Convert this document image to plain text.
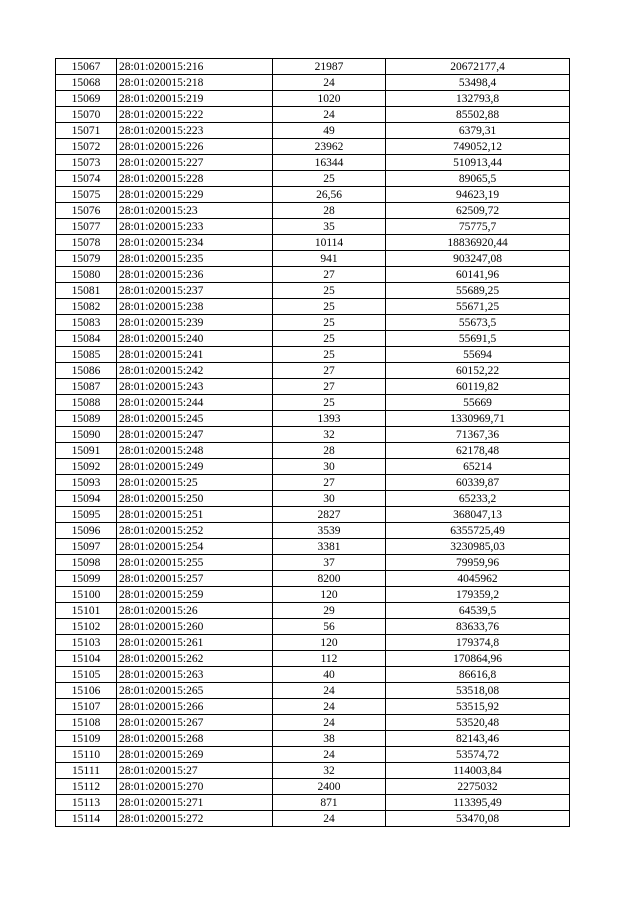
15067	28:01:020015:216	21987	20672177,4
15068	28:01:020015:218	24	53498,4
15069	28:01:020015:219	1020	132793,8
15070	28:01:020015:222	24	85502,88
15071	28:01:020015:223	49	6379,31
15072	28:01:020015:226	23962	749052,12
15073	28:01:020015:227	16344	510913,44
15074	28:01:020015:228	25	89065,5
15075	28:01:020015:229	26,56	94623,19
15076	28:01:020015:23	28	62509,72
15077	28:01:020015:233	35	75775,7
15078	28:01:020015:234	10114	18836920,44
15079	28:01:020015:235	941	903247,08
15080	28:01:020015:236	27	60141,96
15081	28:01:020015:237	25	55689,25
15082	28:01:020015:238	25	55671,25
15083	28:01:020015:239	25	55673,5
15084	28:01:020015:240	25	55691,5
15085	28:01:020015:241	25	55694
15086	28:01:020015:242	27	60152,22
15087	28:01:020015:243	27	60119,82
15088	28:01:020015:244	25	55669
15089	28:01:020015:245	1393	1330969,71
15090	28:01:020015:247	32	71367,36
15091	28:01:020015:248	28	62178,48
15092	28:01:020015:249	30	65214
15093	28:01:020015:25	27	60339,87
15094	28:01:020015:250	30	65233,2
15095	28:01:020015:251	2827	368047,13
15096	28:01:020015:252	3539	6355725,49
15097	28:01:020015:254	3381	3230985,03
15098	28:01:020015:255	37	79959,96
15099	28:01:020015:257	8200	4045962
15100	28:01:020015:259	120	179359,2
15101	28:01:020015:26	29	64539,5
15102	28:01:020015:260	56	83633,76
15103	28:01:020015:261	120	179374,8
15104	28:01:020015:262	112	170864,96
15105	28:01:020015:263	40	86616,8
15106	28:01:020015:265	24	53518,08
15107	28:01:020015:266	24	53515,92
15108	28:01:020015:267	24	53520,48
15109	28:01:020015:268	38	82143,46
15110	28:01:020015:269	24	53574,72
15111	28:01:020015:27	32	114003,84
15112	28:01:020015:270	2400	2275032
15113	28:01:020015:271	871	113395,49
15114	28:01:020015:272	24	53470,08
